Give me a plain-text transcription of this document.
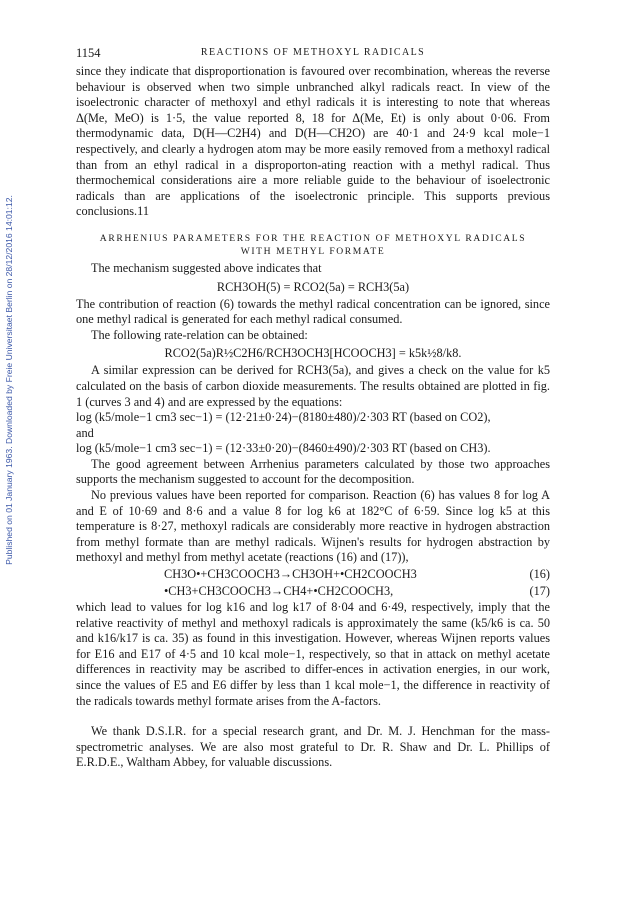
Published on 01 January 1963. Downloaded by Freie Universitaet Berlin on 28/12/2016 14:01:12.
1154	REACTIONS OF METHOXYL RADICALS

since they indicate that disproportionation is favoured over recombination, whereas the reverse behaviour is observed when two simple unbranched alkyl radicals react. In view of the isoelectronic character of methoxyl and ethyl radicals it is interesting to note that whereas Δ(Me, MeO) is 1·5, the value reported 8, 18 for Δ(Me, Et) is only about 0·06. From thermodynamic data, D(H—C2H4) and D(H—CH2O) are 40·1 and 24·9 kcal mole−1 respectively, and clearly a hydrogen atom may be more easily removed from a methoxyl radical than from an ethyl radical in a disproporton-ating reaction with a methyl radical. Thus thermochemical considerations aire a more reliable guide to the behaviour of isoelectronic radicals than are applications of the isoelectronic principle. This supports previous conclusions.11

ARRHENIUS PARAMETERS FOR THE REACTION OF METHOXYL RADICALS
WITH METHYL FORMATE

The mechanism suggested above indicates that

RCH3OH(5) = RCO2(5a) = RCH3(5a)

The contribution of reaction (6) towards the methyl radical concentration can be ignored, since one methyl radical is generated for each methyl radical consumed.

The following rate-relation can be obtained:

RCO2(5a)R½C2H6/RCH3OCH3[HCOOCH3] = k5k½8/k8.

A similar expression can be derived for RCH3(5a), and gives a check on the value for k5 calculated on the basis of carbon dioxide measurements. The results obtained are plotted in fig. 1 (curves 3 and 4) and are expressed by the equations:

log (k5/mole−1 cm3 sec−1) = (12·21±0·24)−(8180±480)/2·303 RT (based on CO2),
and
log (k5/mole−1 cm3 sec−1) = (12·33±0·20)−(8460±490)/2·303 RT (based on CH3).

The good agreement between Arrhenius parameters calculated by those two approaches supports the mechanism suggested to account for the decomposition.

No previous values have been reported for comparison. Reaction (6) has values 8 for log A and E of 10·69 and 8·6 and a value 8 for log k6 at 182°C of 6·59. Since log k5 at this temperature is 8·27, methoxyl radicals are considerably more reactive in hydrogen abstraction from methyl formate than are methyl radicals. Wijnen's results for hydrogen abstraction by methoxyl and methyl from methyl acetate (reactions (16) and (17)),

CH3O•+CH3COOCH3→CH3OH+•CH2COOCH3	(16)
•CH3+CH3COOCH3→CH4+•CH2COOCH3,	(17)

which lead to values for log k16 and log k17 of 8·04 and 6·49, respectively, imply that the relative reactivity of methyl and methoxyl radicals is approximately the same (k5/k6 is ca. 50 and k16/k17 is ca. 35) as found in this investigation. However, whereas Wijnen reports values for E16 and E17 of 4·5 and 10 kcal mole−1, respectively, so that in attack on methyl acetate differences in reactivity may be ascribed to differ-ences in activation energies, in our work, since the values of E5 and E6 differ by less than 1 kcal mole−1, the difference in reactivity of the radicals towards methyl formate arises from the A-factors.

We thank D.S.I.R. for a special research grant, and Dr. M. J. Henchman for the mass-spectrometric analyses. We are also most grateful to Dr. R. Shaw and Dr. L. Phillips of E.R.D.E., Waltham Abbey, for valuable discussions.
